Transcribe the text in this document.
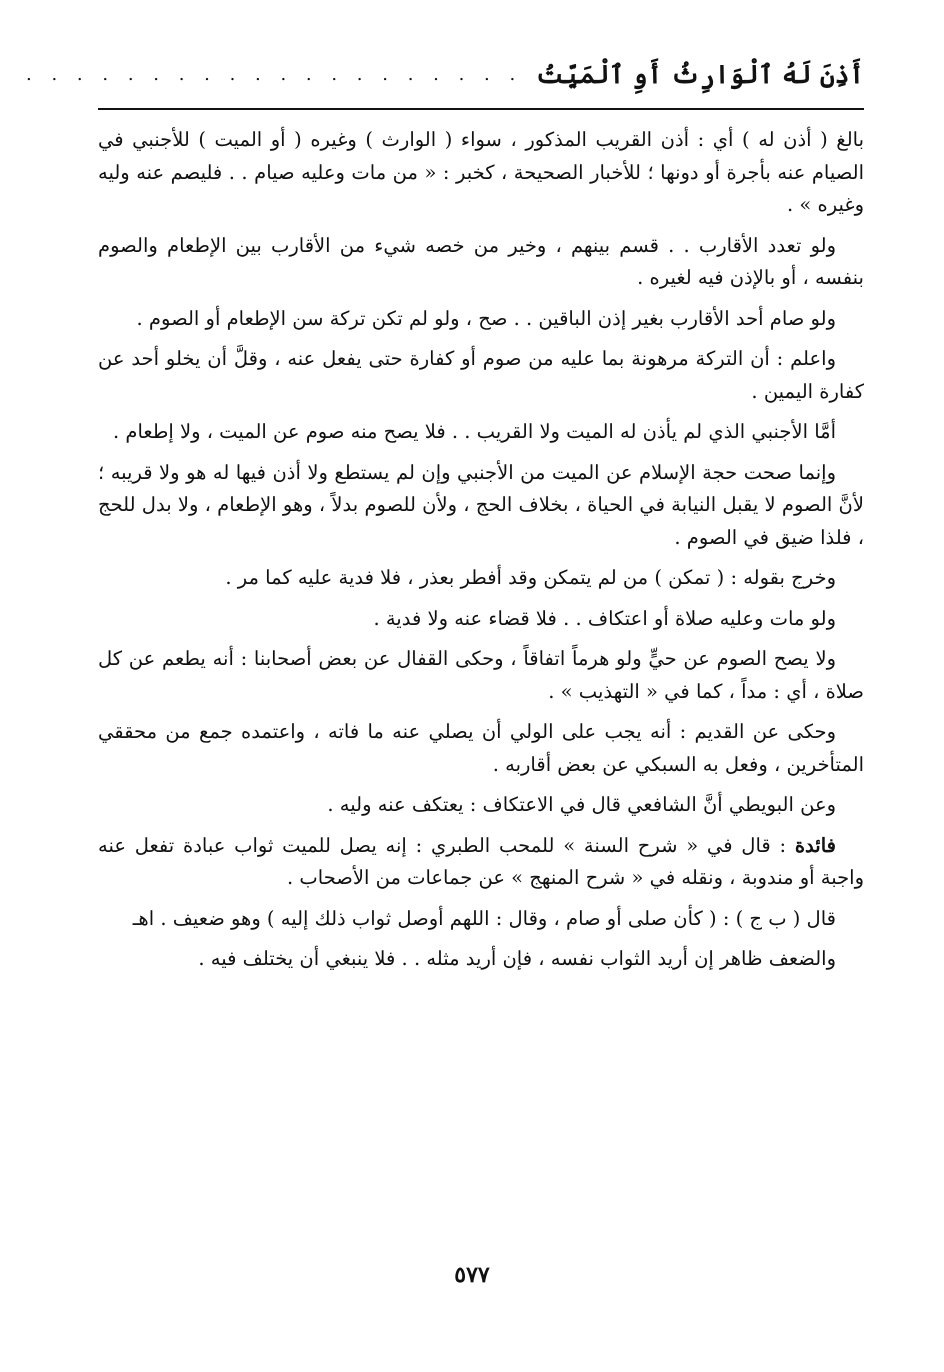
أَذِنَ لَهُ ٱلْوَارِثُ أَوِ ٱلْمَيِّتُ
. . . . . . . . . . . . . . . . . . . .

بالغ ( أذن له ) أي : أذن القريب المذكور ، سواء ( الوارث ) وغيره ( أو الميت ) للأجنبي في الصيام عنه بأجرة أو دونها ؛ للأخبار الصحيحة ، كخبر : « من مات وعليه صيام . . فليصم عنه وليه وغيره » .

ولو تعدد الأقارب . . قسم بينهم ، وخير من خصه شيء من الأقارب بين الإطعام والصوم بنفسه ، أو بالإذن فيه لغيره .

ولو صام أحد الأقارب بغير إذن الباقين . . صح ، ولو لم تكن تركة سن الإطعام أو الصوم .

واعلم : أن التركة مرهونة بما عليه من صوم أو كفارة حتى يفعل عنه ، وقلَّ أن يخلو أحد عن كفارة اليمين .

أمَّا الأجنبي الذي لم يأذن له الميت ولا القريب . . فلا يصح منه صوم عن الميت ، ولا إطعام .

وإنما صحت حجة الإسلام عن الميت من الأجنبي وإن لم يستطع ولا أذن فيها له هو ولا قريبه ؛ لأنَّ الصوم لا يقبل النيابة في الحياة ، بخلاف الحج ، ولأن للصوم بدلاً ، وهو الإطعام ، ولا بدل للحج ، فلذا ضيق في الصوم .

وخرج بقوله : ( تمكن ) من لم يتمكن وقد أفطر بعذر ، فلا فدية عليه كما مر .

ولو مات وعليه صلاة أو اعتكاف . . فلا قضاء عنه ولا فدية .

ولا يصح الصوم عن حيٍّ ولو هرماً اتفاقاً ، وحكى القفال عن بعض أصحابنا : أنه يطعم عن كل صلاة ، أي : مداً ، كما في « التهذيب » .

وحكى عن القديم : أنه يجب على الولي أن يصلي عنه ما فاته ، واعتمده جمع من محققي المتأخرين ، وفعل به السبكي عن بعض أقاربه .

وعن البويطي أنَّ الشافعي قال في الاعتكاف : يعتكف عنه وليه .

فائدة : قال في « شرح السنة » للمحب الطبري : إنه يصل للميت ثواب عبادة تفعل عنه واجبة أو مندوبة ، ونقله في « شرح المنهج » عن جماعات من الأصحاب .

قال ( ب ج ) : ( كأن صلى أو صام ، وقال : اللهم أوصل ثواب ذلك إليه ) وهو ضعيف . اهـ

والضعف ظاهر إن أريد الثواب نفسه ، فإن أريد مثله . . فلا ينبغي أن يختلف فيه .

٥٧٧
